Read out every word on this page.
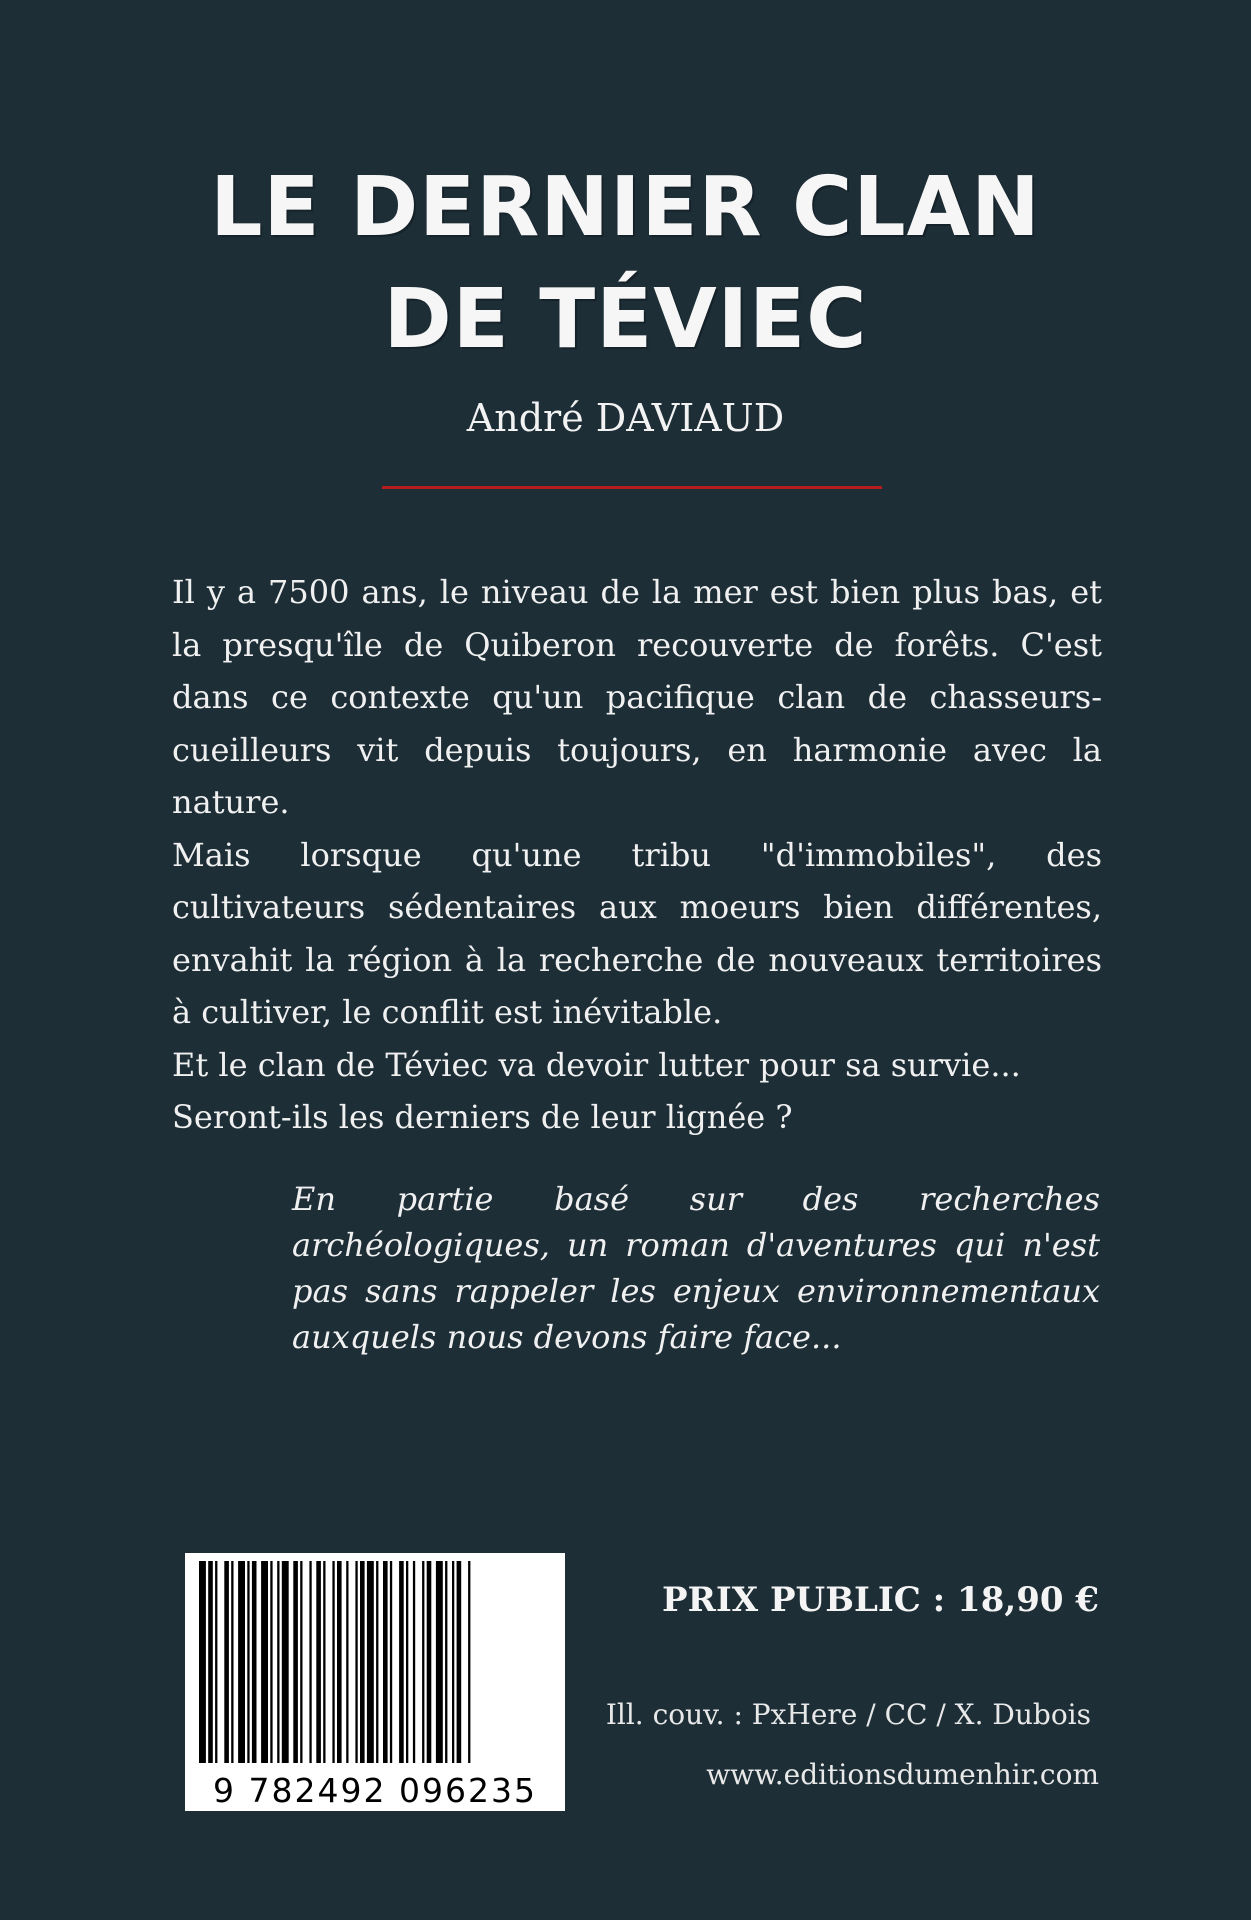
LE DERNIER CLAN
DE TÉVIEC
André DAVIAUD

Il y a 7500 ans, le niveau de la mer est bien plus bas, et la presqu'île de Quiberon recouverte de forêts. C'est dans ce contexte qu'un pacifique clan de chasseurs-cueilleurs vit depuis toujours, en harmonie avec la nature.

Mais lorsque qu'une tribu "d'immobiles", des cultivateurs sédentaires aux moeurs bien différentes, envahit la région à la recherche de nouveaux territoires à cultiver, le conflit est inévitable.

Et le clan de Téviec va devoir lutter pour sa survie...

Seront-ils les derniers de leur lignée ?

En partie basé sur des recherches archéologiques, un roman d'aventures qui n'est pas sans rappeler les enjeux environnementaux auxquels nous devons faire face...
9 782492 096235
PRIX PUBLIC : 18,90 €
Ill. couv. : PxHere / CC / X. Dubois
www.editionsdumenhir.com
